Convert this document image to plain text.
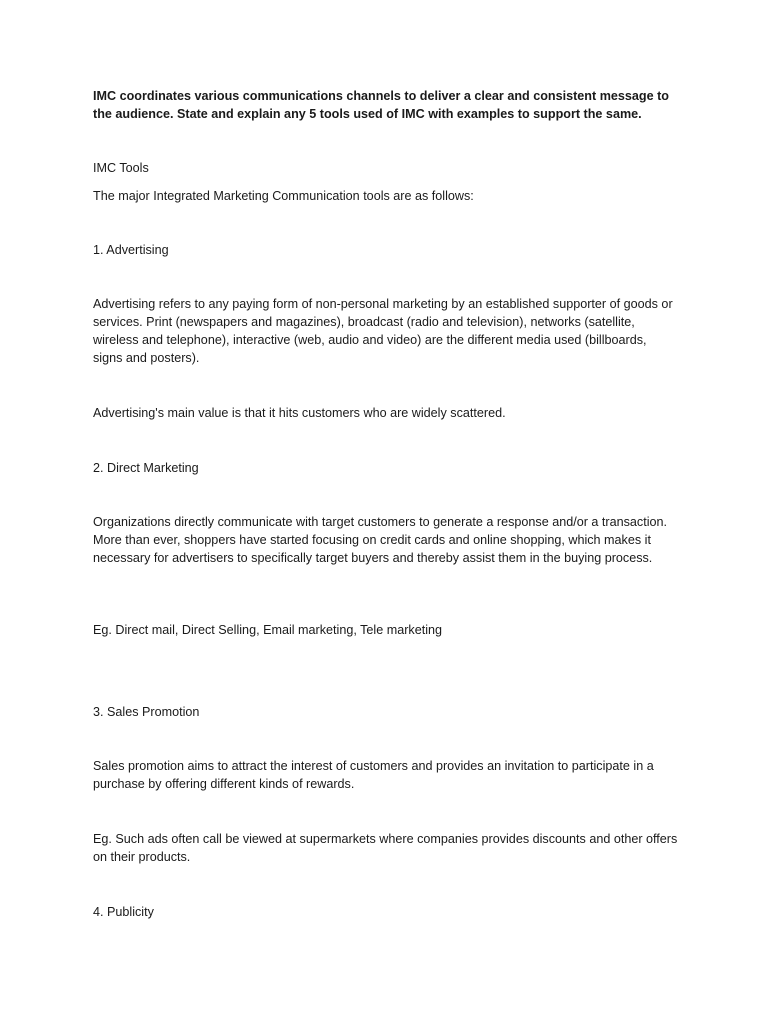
IMC coordinates various communications channels to deliver a clear and consistent message to the audience. State and explain any 5 tools used of IMC with examples to support the same.

IMC Tools

The major Integrated Marketing Communication tools are as follows:

1. Advertising

Advertising refers to any paying form of non-personal marketing by an established supporter of goods or services. Print (newspapers and magazines), broadcast (radio and television), networks (satellite, wireless and telephone), interactive (web, audio and video) are the different media used (billboards, signs and posters).

Advertising's main value is that it hits customers who are widely scattered.

2. Direct Marketing

Organizations directly communicate with target customers to generate a response and/or a transaction. More than ever, shoppers have started focusing on credit cards and online shopping, which makes it necessary for advertisers to specifically target buyers and thereby assist them in the buying process.

Eg. Direct mail, Direct Selling, Email marketing, Tele marketing

3. Sales Promotion

Sales promotion aims to attract the interest of customers and provides an invitation to participate in a purchase by offering different kinds of rewards.

Eg. Such ads often call be viewed at supermarkets where companies provides discounts and other offers on their products.

4. Publicity
